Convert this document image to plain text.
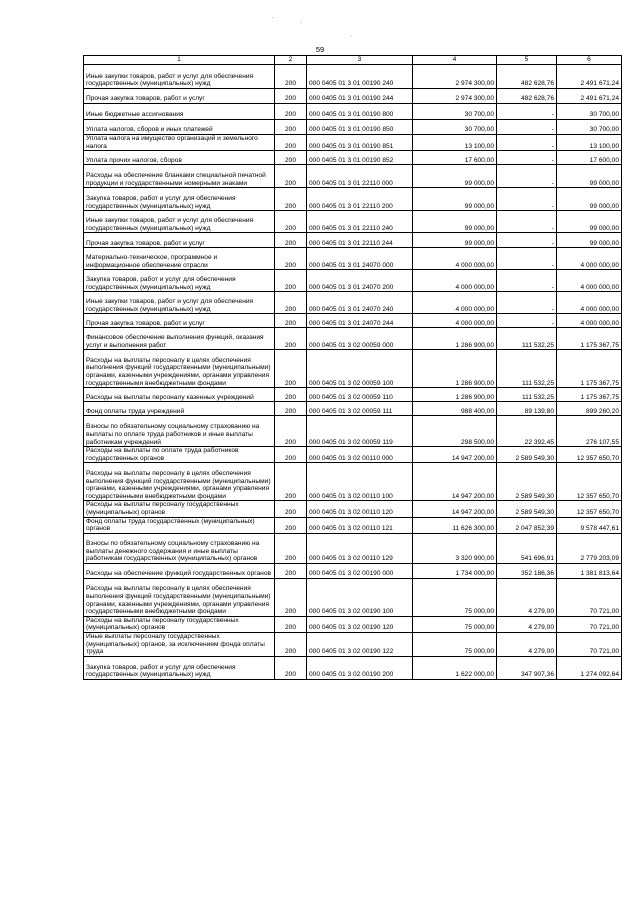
.
.
.
59
1	2	3	4	5	6
Иные закупки товаров, работ и услуг для обеспечения государственных (муниципальных) нужд	200	000 0405 01 3 01 00190 240	2 974 300,00	482 628,76	2 491 671,24
Прочая закупка товаров, работ и услуг	200	000 0405 01 3 01 00190 244	2 974 300,00	482 628,76	2 491 671,24
Иные бюджетные ассигнования	200	000 0405 01 3 01 00190 800	30 700,00	-	30 700,00
Уплата налогов, сборов и иных платежей	200	000 0405 01 3 01 00190 850	30 700,00	-	30 700,00
Уплата налога на имущество организаций и земельного налога	200	000 0405 01 3 01 00190 851	13 100,00	-	13 100,00
Уплата прочих налогов, сборов	200	000 0405 01 3 01 00190 852	17 600,00	-	17 600,00
Расходы на обеспечение бланками специальной печатной продукции и государственными номерными знаками	200	000 0405 01 3 01 22110 000	99 000,00	-	99 000,00
Закупка товаров, работ и услуг для обеспечения государственных (муниципальных) нужд	200	000 0405 01 3 01 22110 200	99 000,00	-	99 000,00
Иные закупки товаров, работ и услуг для обеспечения государственных (муниципальных) нужд	200	000 0405 01 3 01 22110 240	99 000,00	-	99 000,00
Прочая закупка товаров, работ и услуг	200	000 0405 01 3 01 22110 244	99 000,00	-	99 000,00
Материально-техническое, программное и информационное обеспечение отрасли	200	000 0405 01 3 01 24070 000	4 000 000,00	-	4 000 000,00
Закупка товаров, работ и услуг для обеспечения государственных (муниципальных) нужд	200	000 0405 01 3 01 24070 200	4 000 000,00	-	4 000 000,00
Иные закупки товаров, работ и услуг для обеспечения государственных (муниципальных) нужд	200	000 0405 01 3 01 24070 240	4 000 000,00	-	4 000 000,00
Прочая закупка товаров, работ и услуг	200	000 0405 01 3 01 24070 244	4 000 000,00	-	4 000 000,00
Финансовое обеспечение выполнения функций, оказания услуг и выполнения работ	200	000 0405 01 3 02 00059 000	1 286 900,00	111 532,25	1 175 367,75
Расходы на выплаты персоналу в целях обеспечения выполнения функций государственными (муниципальными) органами, казенными учреждениями, органами управления государственными внебюджетными фондами	200	000 0405 01 3 02 00059 100	1 286 900,00	111 532,25	1 175 367,75
Расходы на выплаты персоналу казенных учреждений	200	000 0405 01 3 02 00059 110	1 286 900,00	111 532,25	1 175 367,75
Фонд оплаты труда учреждений	200	000 0405 01 3 02 00059 111	988 400,00	89 139,80	899 260,20
Взносы по обязательному социальному страхованию на выплаты по оплате труда работников и иные выплаты работникам учреждений	200	000 0405 01 3 02 00059 119	298 500,00	22 392,45	276 107,55
Расходы на выплаты по оплате труда работников государственных органов	200	000 0405 01 3 02 00110 000	14 947 200,00	2 589 549,30	12 357 650,70
Расходы на выплаты персоналу в целях обеспечения выполнения функций государственными (муниципальными) органами, казенными учреждениями, органами управления государственными внебюджетными фондами	200	000 0405 01 3 02 00110 100	14 947 200,00	2 589 549,30	12 357 650,70
Расходы на выплаты персоналу государственных (муниципальных) органов	200	000 0405 01 3 02 00110 120	14 947 200,00	2 589 549,30	12 357 650,70
Фонд оплаты труда государственных (муниципальных) органов	200	000 0405 01 3 02 00110 121	11 626 300,00	2 047 852,39	9 578 447,61
Взносы по обязательному социальному страхованию на выплаты денежного содержания и иные выплаты работникам государственных (муниципальных) органов	200	000 0405 01 3 02 00110 129	3 320 900,00	541 696,91	2 779 203,09
Расходы на обеспечение функций государственных органов	200	000 0405 01 3 02 00190 000	1 734 000,00	352 186,36	1 381 813,64
Расходы на выплаты персоналу в целях обеспечения выполнения функций государственными (муниципальными) органами, казенными учреждениями, органами управления государственными внебюджетными фондами	200	000 0405 01 3 02 00190 100	75 000,00	4 279,00	70 721,00
Расходы на выплаты персоналу государственных (муниципальных) органов	200	000 0405 01 3 02 00190 120	75 000,00	4 279,00	70 721,00
Иные выплаты персоналу государственных (муниципальных) органов, за исключением фонда оплаты труда	200	000 0405 01 3 02 00190 122	75 000,00	4 279,00	70 721,00
Закупка товаров, работ и услуг для обеспечения государственных (муниципальных) нужд	200	000 0405 01 3 02 00190 200	1 622 000,00	347 907,36	1 274 092,64
